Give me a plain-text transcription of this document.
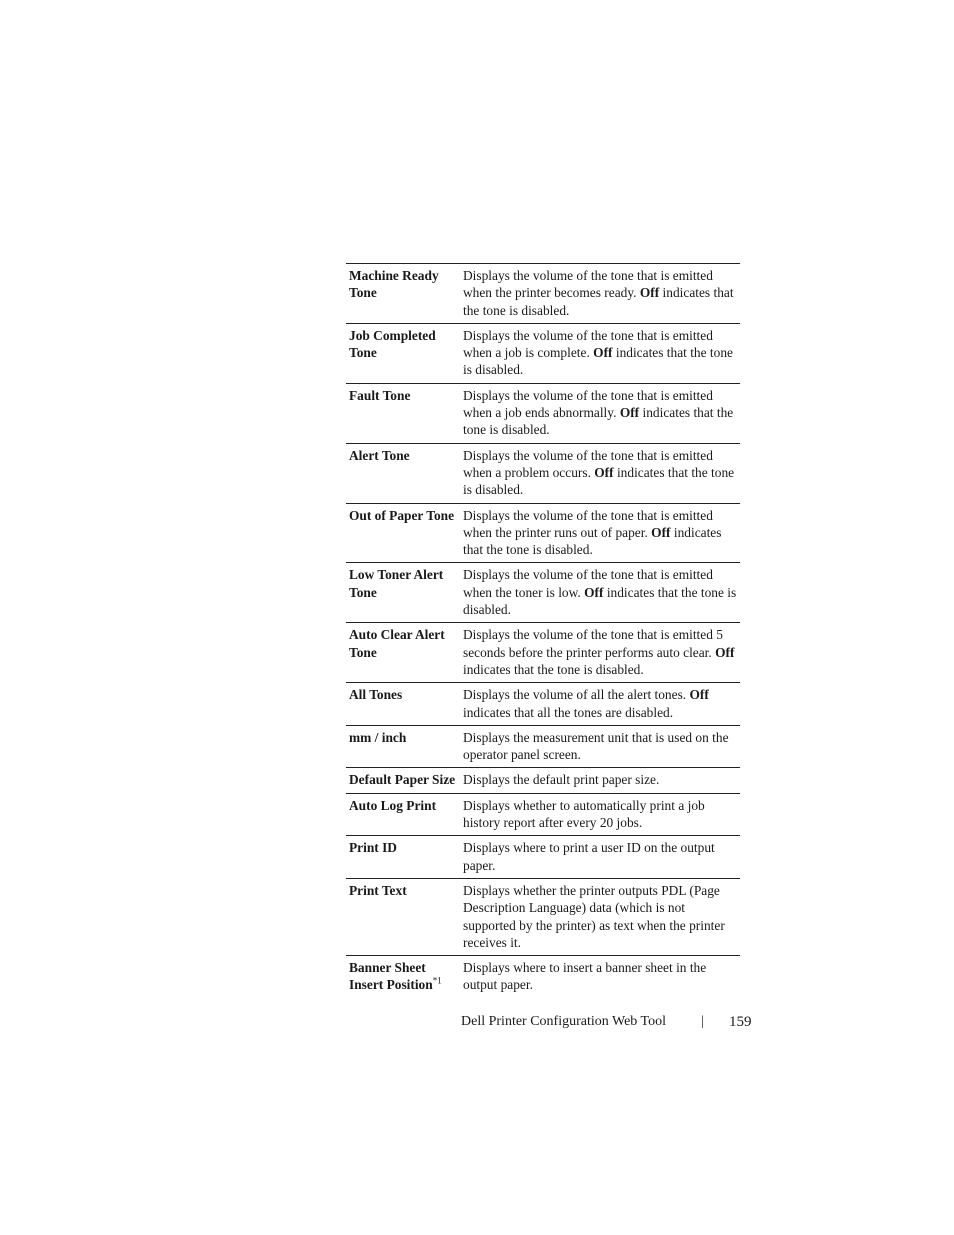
Machine Ready Tone	Displays the volume of the tone that is emitted when the printer becomes ready. Off indicates that the tone is disabled.
Job Completed Tone	Displays the volume of the tone that is emitted when a job is complete. Off indicates that the tone is disabled.
Fault Tone	Displays the volume of the tone that is emitted when a job ends abnormally. Off indicates that the tone is disabled.
Alert Tone	Displays the volume of the tone that is emitted when a problem occurs. Off indicates that the tone is disabled.
Out of Paper Tone	Displays the volume of the tone that is emitted when the printer runs out of paper. Off indicates that the tone is disabled.
Low Toner Alert Tone	Displays the volume of the tone that is emitted when the toner is low. Off indicates that the tone is disabled.
Auto Clear Alert Tone	Displays the volume of the tone that is emitted 5 seconds before the printer performs auto clear. Off indicates that the tone is disabled.
All Tones	Displays the volume of all the alert tones. Off indicates that all the tones are disabled.
mm / inch	Displays the measurement unit that is used on the operator panel screen.
Default Paper Size	Displays the default print paper size.
Auto Log Print	Displays whether to automatically print a job history report after every 20 jobs.
Print ID	Displays where to print a user ID on the output paper.
Print Text	Displays whether the printer outputs PDL (Page Description Language) data (which is not supported by the printer) as text when the printer receives it.
Banner Sheet Insert Position$^{*1}$	Displays where to insert a banner sheet in the output paper.
Dell Printer Configuration Web Tool | 159
